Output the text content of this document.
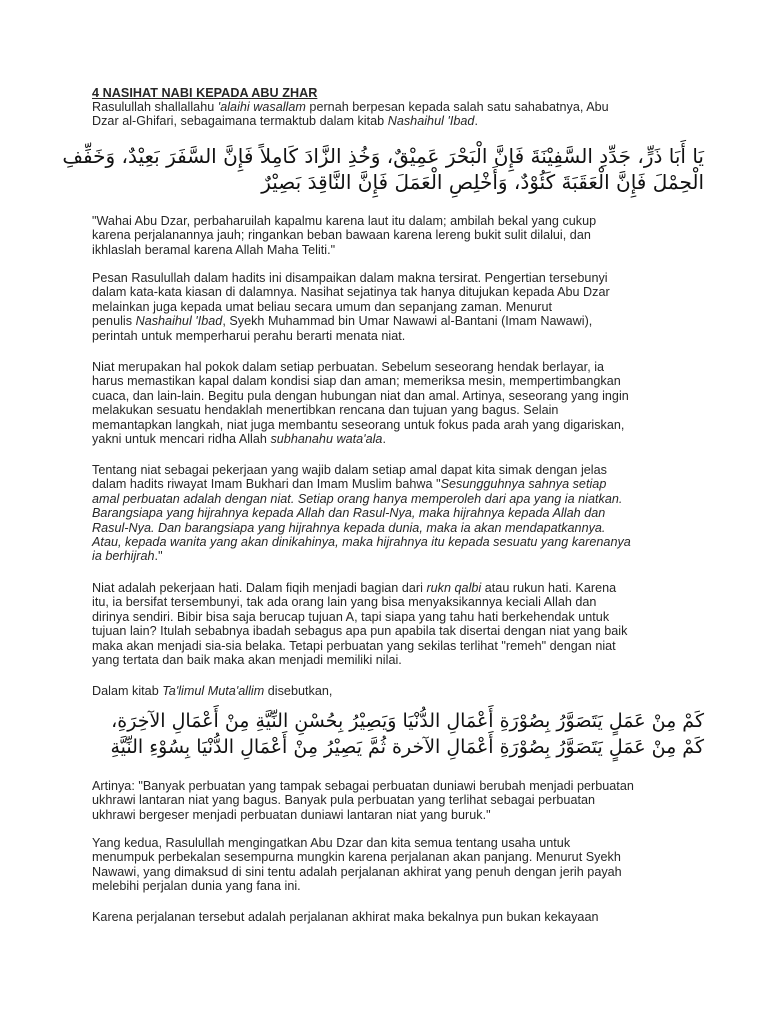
4 NASIHAT NABI KEPADA ABU ZHAR

Rasulullah shallallahu 'alaihi wasallam pernah berpesan kepada salah satu sahabatnya, Abu
Dzar al-Ghifari, sebagaimana termaktub dalam kitab Nashaihul 'Ibad.

يَا أَبَا ذَرٍّ، جَدِّدِ السَّفِيْنَةَ فَإِنَّ الْبَحْرَ عَمِيْقٌ، وَخُذِ الزَّادَ كَامِلاً فَإِنَّ السَّفَرَ بَعِيْدٌ، وَخَفِّفِ
الْحِمْلَ فَإِنَّ الْعَقَبَةَ كَئُوْدٌ، وَأَخْلِصِ الْعَمَلَ فَإِنَّ النَّاقِدَ بَصِيْرٌ

"Wahai Abu Dzar, perbaharuilah kapalmu karena laut itu dalam; ambilah bekal yang cukup
karena perjalanannya jauh; ringankan beban bawaan karena lereng bukit sulit dilalui, dan
ikhlaslah beramal karena Allah Maha Teliti."

Pesan Rasulullah dalam hadits ini disampaikan dalam makna tersirat. Pengertian tersebunyi
dalam kata-kata kiasan di dalamnya. Nasihat sejatinya tak hanya ditujukan kepada Abu Dzar
melainkan juga kepada umat beliau secara umum dan sepanjang zaman. Menurut
penulis Nashaihul 'Ibad, Syekh Muhammad bin Umar Nawawi al-Bantani (Imam Nawawi),
perintah untuk memperharui perahu berarti menata niat.

Niat merupakan hal pokok dalam setiap perbuatan. Sebelum seseorang hendak berlayar, ia
harus memastikan kapal dalam kondisi siap dan aman; memeriksa mesin, mempertimbangkan
cuaca, dan lain-lain. Begitu pula dengan hubungan niat dan amal. Artinya, seseorang yang ingin
melakukan sesuatu hendaklah menertibkan rencana dan tujuan yang bagus. Selain
memantapkan langkah, niat juga membantu seseorang untuk fokus pada arah yang digariskan,
yakni untuk mencari ridha Allah subhanahu wata'ala.

Tentang niat sebagai pekerjaan yang wajib dalam setiap amal dapat kita simak dengan jelas
dalam hadits riwayat Imam Bukhari dan Imam Muslim bahwa "Sesungguhnya sahnya setiap
amal perbuatan adalah dengan niat. Setiap orang hanya memperoleh dari apa yang ia niatkan.
Barangsiapa yang hijrahnya kepada Allah dan Rasul-Nya, maka hijrahnya kepada Allah dan
Rasul-Nya. Dan barangsiapa yang hijrahnya kepada dunia, maka ia akan mendapatkannya.
Atau, kepada wanita yang akan dinikahinya, maka hijrahnya itu kepada sesuatu yang karenanya
ia berhijrah."

Niat adalah pekerjaan hati. Dalam fiqih menjadi bagian dari rukn qalbi atau rukun hati. Karena
itu, ia bersifat tersembunyi, tak ada orang lain yang bisa menyaksikannya keciali Allah dan
dirinya sendiri. Bibir bisa saja berucap tujuan A, tapi siapa yang tahu hati berkehendak untuk
tujuan lain? Itulah sebabnya ibadah sebagus apa pun apabila tak disertai dengan niat yang baik
maka akan menjadi sia-sia belaka. Tetapi perbuatan yang sekilas terlihat "remeh" dengan niat
yang tertata dan baik maka akan menjadi memiliki nilai.

Dalam kitab Ta'limul Muta'allim disebutkan,

كَمْ مِنْ عَمَلٍ يَتَصَوَّرُ بِصُوْرَةِ أَعْمَالِ الدُّنْيَا وَيَصِيْرُ بِحُسْنِ النِّيَّةِ مِنْ أَعْمَالِ الآخِرَةِ،
كَمْ مِنْ عَمَلٍ يَتَصَوَّرُ بِصُوْرَةِ أَعْمَالِ الآخرة ثُمَّ يَصِيْرُ مِنْ أَعْمَالِ الدُّنْيَا بِسُوْءِ النِّيَّةِ

Artinya: "Banyak perbuatan yang tampak sebagai perbuatan duniawi berubah menjadi perbuatan
ukhrawi lantaran niat yang bagus. Banyak pula perbuatan yang terlihat sebagai perbuatan
ukhrawi bergeser menjadi perbuatan duniawi lantaran niat yang buruk."

Yang kedua, Rasulullah mengingatkan Abu Dzar dan kita semua tentang usaha untuk
menumpuk perbekalan sesempurna mungkin karena perjalanan akan panjang. Menurut Syekh
Nawawi, yang dimaksud di sini tentu adalah perjalanan akhirat yang penuh dengan jerih payah
melebihi perjalan dunia yang fana ini.

Karena perjalanan tersebut adalah perjalanan akhirat maka bekalnya pun bukan kekayaan
